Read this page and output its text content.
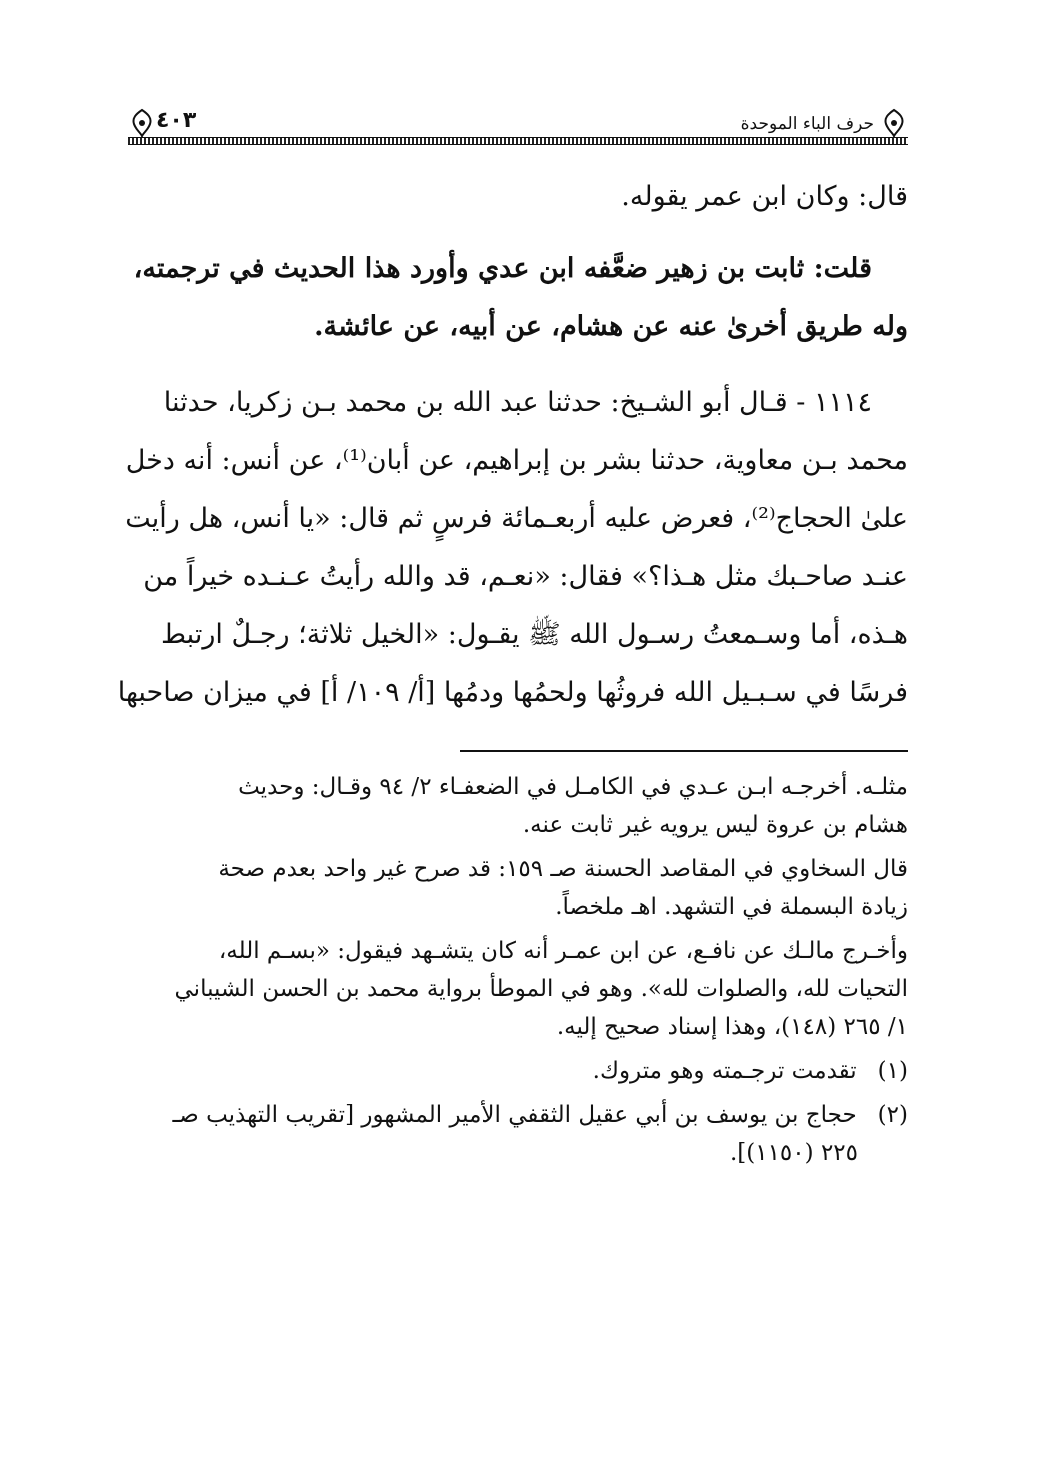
حرف الباء الموحدة
٤٠٣
قال: وكان ابن عمر يقوله.
قلت: ثابت بن زهير ضعَّفه ابن عدي وأورد هذا الحديث في ترجمته،
وله طريق أخرىٰ عنه عن هشام، عن أبيه، عن عائشة.
١١١٤ - قـال أبو الشـيخ: حدثنا عبد الله بن محمد بـن زكريا، حدثنا
محمد بـن معاوية، حدثنا بشر بن إبراهيم، عن أبان⁽¹⁾، عن أنس: أنه دخل
علىٰ الحجاج⁽²⁾، فعرض عليه أربعـمائة فرسٍ ثم قال: «يا أنس، هل رأيت
عنـد صاحـبك مثل هـذا؟» فقال: «نعـم، قد والله رأيتُ عـنـده خيراً من
هـذه، أما وسـمعتُ رسـول الله ﷺ يقـول: «الخيل ثلاثة؛ رجـلٌ ارتبط
فرسًا في سـبـيل الله فروثُها ولحمُها ودمُها [أ/ ١٠٩/ أ] في ميزان صاحبها
مثلـه. أخرجـه ابـن عـدي في الكامـل في الضعفـاء ٢/ ٩٤ وقـال: وحديث
هشام بن عروة ليس يرويه غير ثابت عنه.
قال السخاوي في المقاصد الحسنة صـ ١٥٩: قد صرح غير واحد بعدم صحة
زيادة البسملة في التشهد. اهـ ملخصاً.
وأخـرج مالـك عن نافـع، عن ابن عمـر أنه كان يتشـهد فيقول: «بسـم الله،
التحيات لله، والصلوات لله». وهو في الموطأ برواية محمد بن الحسن الشيباني
١/ ٢٦٥ (١٤٨)، وهذا إسناد صحيح إليه.
(١) تقدمت ترجـمته وهو متروك.
(٢) حجاج بن يوسف بن أبي عقيل الثقفي الأمير المشهور [تقريب التهذيب صـ
٢٢٥ (١١٥٠)].
